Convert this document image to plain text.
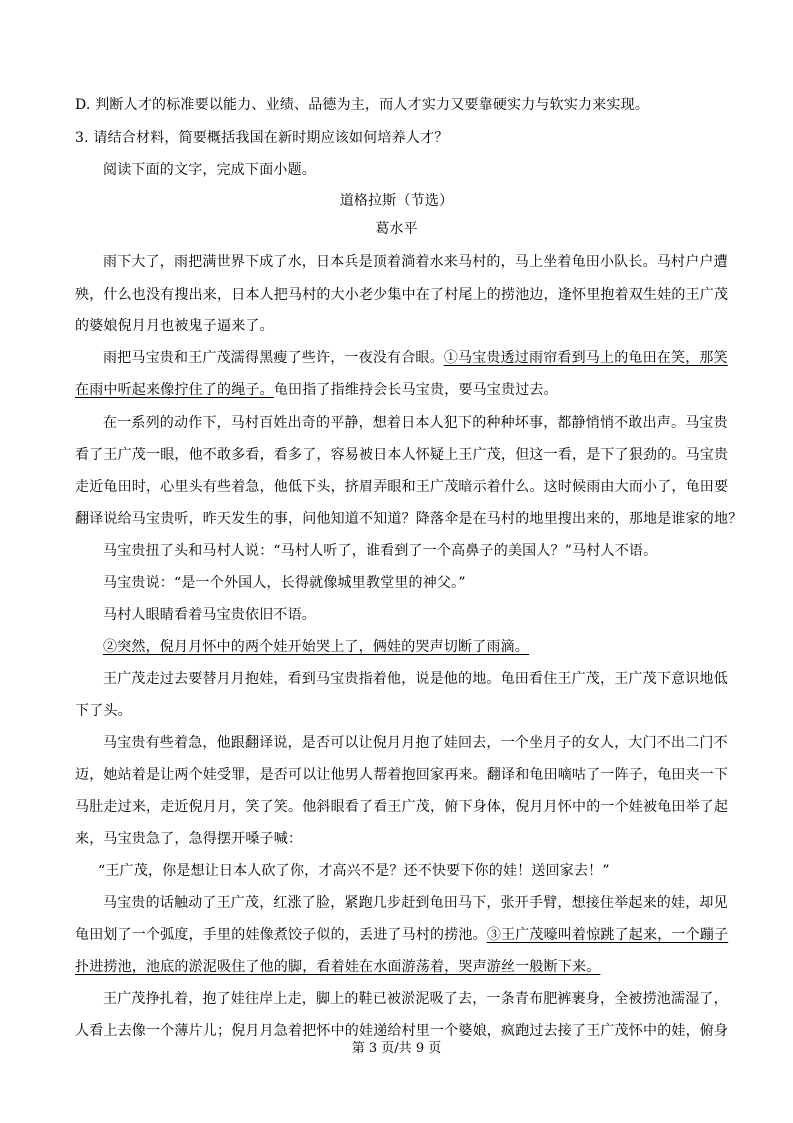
D. 判断人才的标准要以能力、业绩、品德为主，而人才实力又要靠硬实力与软实力来实现。
3. 请结合材料，简要概括我国在新时期应该如何培养人才？
阅读下面的文字，完成下面小题。
道格拉斯（节选）
葛水平
雨下大了，雨把满世界下成了水，日本兵是顶着淌着水来马村的，马上坐着龟田小队长。马村户户遭
殃，什么也没有搜出来，日本人把马村的大小老少集中在了村尾上的捞池边，逢怀里抱着双生娃的王广茂
的婆娘倪月月也被鬼子逼来了。
雨把马宝贵和王广茂濡得黑瘦了些许，一夜没有合眼。①马宝贵透过雨帘看到马上的龟田在笑，那笑
在雨中听起来像拧住了的绳子。龟田指了指维持会长马宝贵，要马宝贵过去。
在一系列的动作下，马村百姓出奇的平静，想着日本人犯下的种种坏事，都静悄悄不敢出声。马宝贵
看了王广茂一眼，他不敢多看，看多了，容易被日本人怀疑上王广茂，但这一看，是下了狠劲的。马宝贵
走近龟田时，心里头有些着急，他低下头，挤眉弄眼和王广茂暗示着什么。这时候雨由大而小了，龟田要
翻译说给马宝贵听，昨天发生的事，问他知道不知道？降落伞是在马村的地里搜出来的，那地是谁家的地？
马宝贵扭了头和马村人说：“马村人听了，谁看到了一个高鼻子的美国人？”马村人不语。
马宝贵说：“是一个外国人，长得就像城里教堂里的神父。”
马村人眼睛看着马宝贵依旧不语。
②突然，倪月月怀中的两个娃开始哭上了，俩娃的哭声切断了雨滴。
王广茂走过去要替月月抱娃，看到马宝贵指着他，说是他的地。龟田看住王广茂，王广茂下意识地低
下了头。
马宝贵有些着急，他跟翻译说，是否可以让倪月月抱了娃回去，一个坐月子的女人，大门不出二门不
迈，她站着是让两个娃受罪，是否可以让他男人帮着抱回家再来。翻译和龟田嘀咕了一阵子，龟田夹一下
马肚走过来，走近倪月月，笑了笑。他斜眼看了看王广茂，俯下身体，倪月月怀中的一个娃被龟田举了起
来，马宝贵急了，急得摆开嗓子喊：
“王广茂，你是想让日本人砍了你，才高兴不是？还不快要下你的娃！送回家去！”
马宝贵的话触动了王广茂，红涨了脸，紧跑几步赶到龟田马下，张开手臂，想接住举起来的娃，却见
龟田划了一个弧度，手里的娃像煮饺子似的，丢进了马村的捞池。③王广茂嚎叫着惊跳了起来，一个蹦子
扑进捞池，池底的淤泥吸住了他的脚，看着娃在水面游荡着，哭声游丝一般断下来。
王广茂挣扎着，抱了娃往岸上走，脚上的鞋已被淤泥吸了去，一条青布肥裤裹身，全被捞池濡湿了，
人看上去像一个薄片儿；倪月月急着把怀中的娃递给村里一个婆娘，疯跑过去接了王广茂怀中的娃，俯身
第 3 页/共 9 页
